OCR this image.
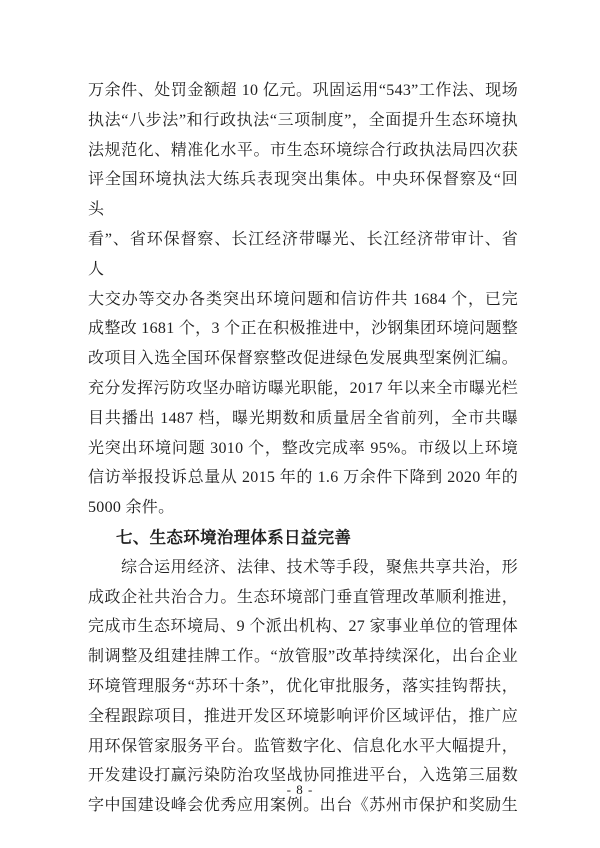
万余件、处罚金额超 10 亿元。巩固运用“543”工作法、现场
执法“八步法”和行政执法“三项制度”，全面提升生态环境执
法规范化、精准化水平。市生态环境综合行政执法局四次获
评全国环境执法大练兵表现突出集体。中央环保督察及“回头
看”、省环保督察、长江经济带曝光、长江经济带审计、省人
大交办等交办各类突出环境问题和信访件共 1684 个，已完
成整改 1681 个，3 个正在积极推进中，沙钢集团环境问题整
改项目入选全国环保督察整改促进绿色发展典型案例汇编。
充分发挥污防攻坚办暗访曝光职能，2017 年以来全市曝光栏
目共播出 1487 档，曝光期数和质量居全省前列，全市共曝
光突出环境问题 3010 个，整改完成率 95%。市级以上环境
信访举报投诉总量从 2015 年的 1.6 万余件下降到 2020 年的
5000 余件。
七、生态环境治理体系日益完善
综合运用经济、法律、技术等手段，聚焦共享共治，形
成政企社共治合力。生态环境部门垂直管理改革顺利推进，
完成市生态环境局、9 个派出机构、27 家事业单位的管理体
制调整及组建挂牌工作。“放管服”改革持续深化，出台企业
环境管理服务“苏环十条”，优化审批服务，落实挂钩帮扶，
全程跟踪项目，推进开发区环境影响评价区域评估，推广应
用环保管家服务平台。监管数字化、信息化水平大幅提升，
开发建设打赢污染防治攻坚战协同推进平台，入选第三届数
字中国建设峰会优秀应用案例。出台《苏州市保护和奖励生
- 8 -
